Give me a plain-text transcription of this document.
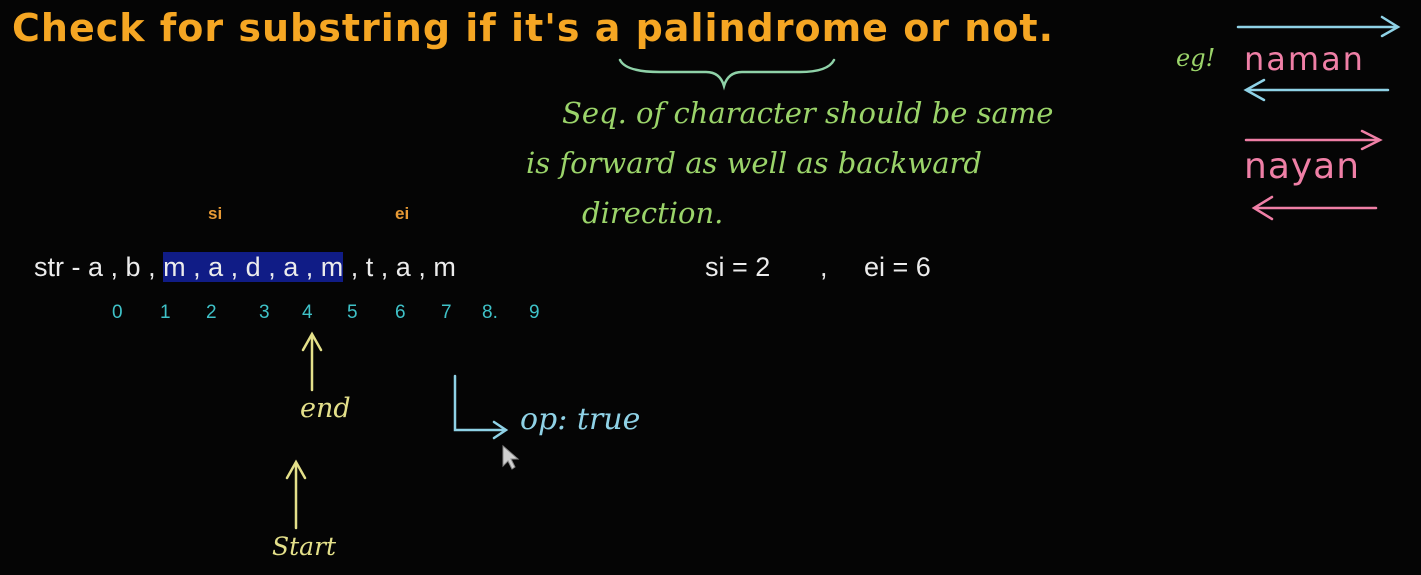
Check for substring if it's a palindrome or not.
Seq. of character should be same
is forward as well as backward
direction.
eg! naman
nayan
si	ei
str - a , b , m , a , d , a , m , t , a , m
0 1 2 3 4 5 6 7 8. 9
si = 2 , ei = 6
end
Start
op: true
